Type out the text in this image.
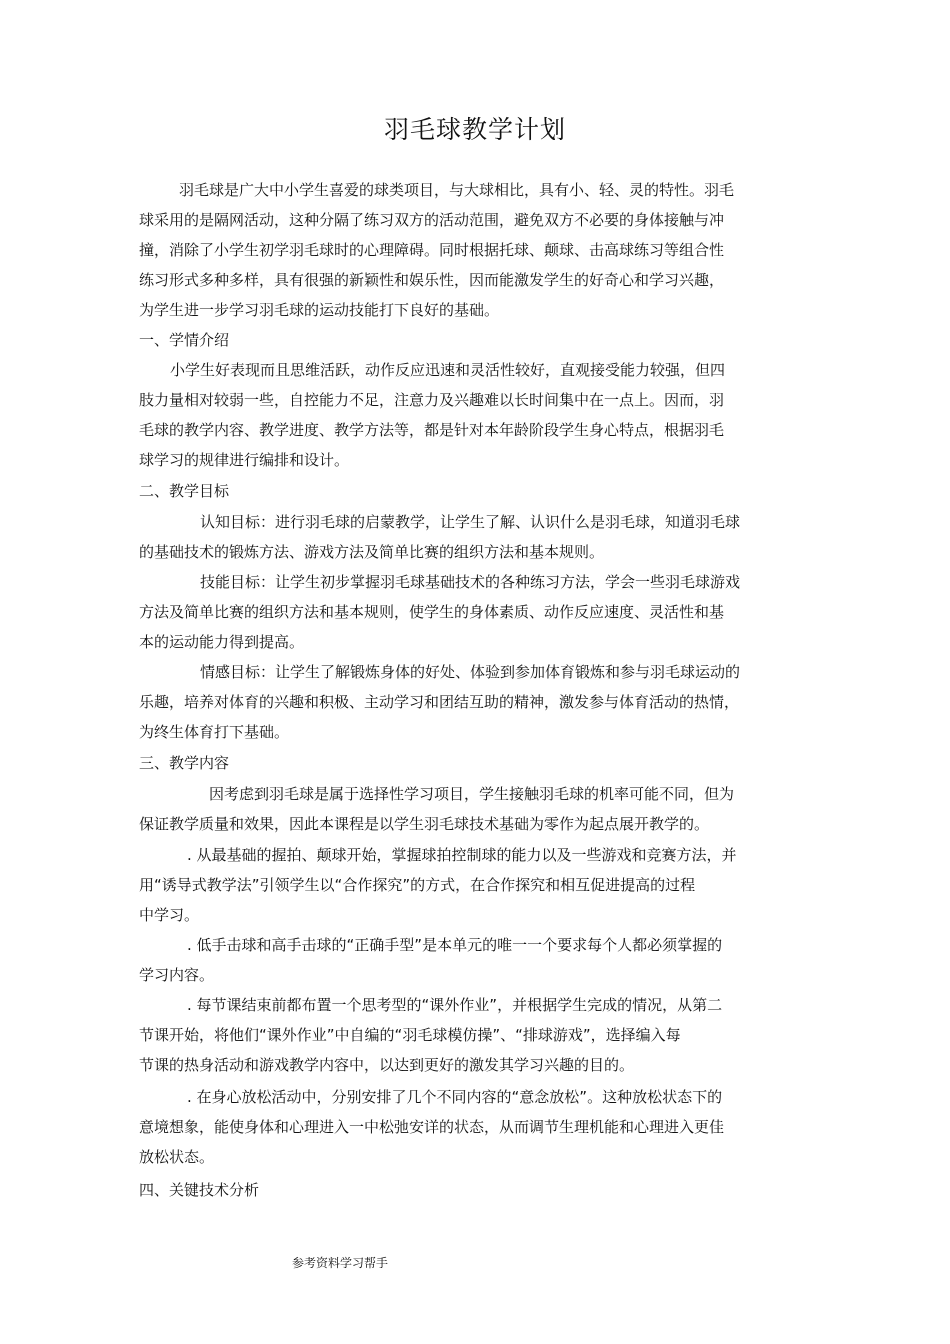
羽毛球教学计划

羽毛球是广大中小学生喜爱的球类项目，与大球相比，具有小、轻、灵的特性。羽毛

球采用的是隔网活动，这种分隔了练习双方的活动范围，避免双方不必要的身体接触与冲

撞，消除了小学生初学羽毛球时的心理障碍。同时根据托球、颠球、击高球练习等组合性

练习形式多种多样，具有很强的新颖性和娱乐性，因而能激发学生的好奇心和学习兴趣，

为学生进一步学习羽毛球的运动技能打下良好的基础。

一、学情介绍

小学生好表现而且思维活跃，动作反应迅速和灵活性较好，直观接受能力较强，但四

肢力量相对较弱一些，自控能力不足，注意力及兴趣难以长时间集中在一点上。因而，羽

毛球的教学内容、教学进度、教学方法等，都是针对本年龄阶段学生身心特点，根据羽毛

球学习的规律进行编排和设计。

二、教学目标

认知目标：进行羽毛球的启蒙教学，让学生了解、认识什么是羽毛球，知道羽毛球

的基础技术的锻炼方法、游戏方法及简单比赛的组织方法和基本规则。

技能目标：让学生初步掌握羽毛球基础技术的各种练习方法，学会一些羽毛球游戏

方法及简单比赛的组织方法和基本规则，使学生的身体素质、动作反应速度、灵活性和基

本的运动能力得到提高。

情感目标：让学生了解锻炼身体的好处、体验到参加体育锻炼和参与羽毛球运动的

乐趣，培养对体育的兴趣和积极、主动学习和团结互助的精神，激发参与体育活动的热情，

为终生体育打下基础。

三、教学内容

因考虑到羽毛球是属于选择性学习项目，学生接触羽毛球的机率可能不同，但为

保证教学质量和效果，因此本课程是以学生羽毛球技术基础为零作为起点展开教学的。

. 从最基础的握拍、颠球开始，掌握球拍控制球的能力以及一些游戏和竞赛方法，并

用“诱导式教学法”引领学生以“合作探究”的方式，在合作探究和相互促进提高的过程

中学习。

. 低手击球和高手击球的“正确手型”是本单元的唯一一个要求每个人都必须掌握的

学习内容。

. 每节课结束前都布置一个思考型的“课外作业”，并根据学生完成的情况，从第二

节课开始，将他们“课外作业”中自编的“羽毛球模仿操”、“排球游戏”，选择编入每

节课的热身活动和游戏教学内容中，以达到更好的激发其学习兴趣的目的。

. 在身心放松活动中，分别安排了几个不同内容的“意念放松”。这种放松状态下的

意境想象，能使身体和心理进入一中松弛安详的状态，从而调节生理机能和心理进入更佳

放松状态。

四、关键技术分析

参考资料学习帮手
